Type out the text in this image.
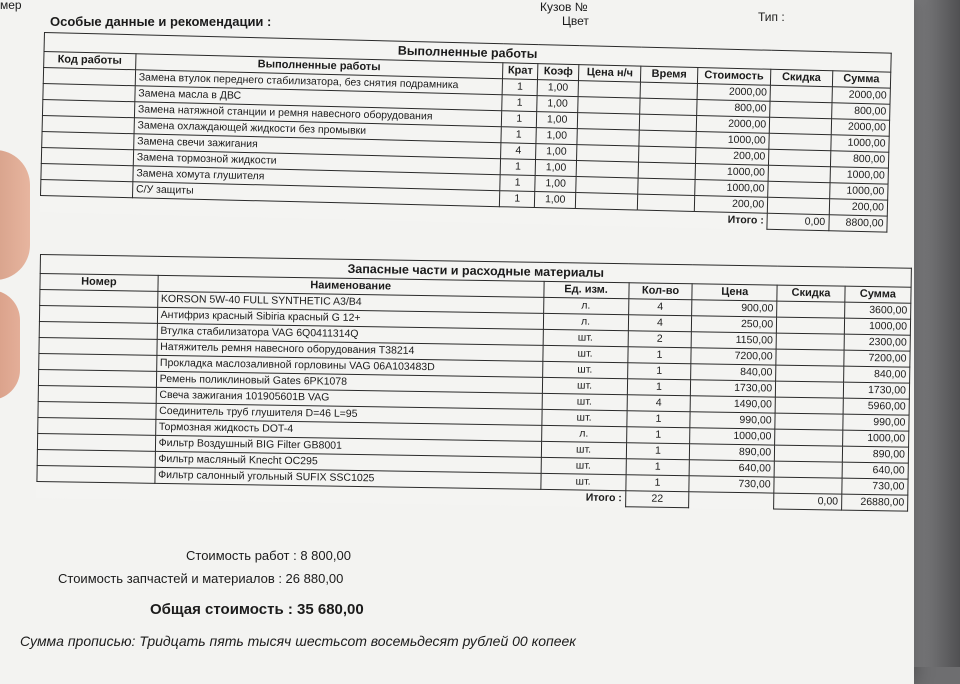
мер
Особые данные и рекомендации :
Кузов №
Цвет	Тип :
Выполненные работы								
Код работы	Выполненные работы	Крат	Коэф	Цена н/ч	Время	Стоимость	Скидка	Сумма
	Замена втулок переднего стабилизатора, без снятия подрамника	1	1,00			2000,00		2000,00
	Замена масла в ДВС	1	1,00			800,00		800,00
	Замена натяжной станции и ремня навесного оборудования	1	1,00			2000,00		2000,00
	Замена охлаждающей жидкости без промывки	1	1,00			1000,00		1000,00
	Замена свечи зажигания	4	1,00			200,00		800,00
	Замена тормозной жидкости	1	1,00			1000,00		1000,00
	Замена хомута глушителя	1	1,00			1000,00		1000,00
	С/У защиты	1	1,00			200,00		200,00
Итого :							0,00	8800,00
Запасные части и расходные материалы						
Номер	Наименование	Ед. изм.	Кол-во	Цена	Скидка	Сумма
	KORSON 5W-40 FULL SYNTHETIC A3/B4	л.	4	900,00		3600,00
	Антифриз красный Sibiria красный G 12+	л.	4	250,00		1000,00
	Втулка стабилизатора VAG 6Q0411314Q	шт.	2	1150,00		2300,00
	Натяжитель ремня навесного оборудования T38214	шт.	1	7200,00		7200,00
	Прокладка маслозаливной горловины VAG 06A103483D	шт.	1	840,00		840,00
	Ремень поликлиновый Gates 6PK1078	шт.	1	1730,00		1730,00
	Свеча зажигания 101905601B VAG	шт.	4	1490,00		5960,00
	Соединитель труб глушителя D=46 L=95	шт.	1	990,00		990,00
	Тормозная жидкость DOT-4	л.	1	1000,00		1000,00
	Фильтр Воздушный BIG Filter GB8001	шт.	1	890,00		890,00
	Фильтр масляный Knecht OC295	шт.	1	640,00		640,00
	Фильтр салонный угольный SUFIX SSC1025	шт.	1	730,00		730,00
Итого :			22		0,00	26880,00
Стоимость работ : 8 800,00
Стоимость запчастей и материалов : 26 880,00
Общая стоимость : 35 680,00
Сумма прописью: Тридцать пять тысяч шестьсот восемьдесят рублей 00 копеек
